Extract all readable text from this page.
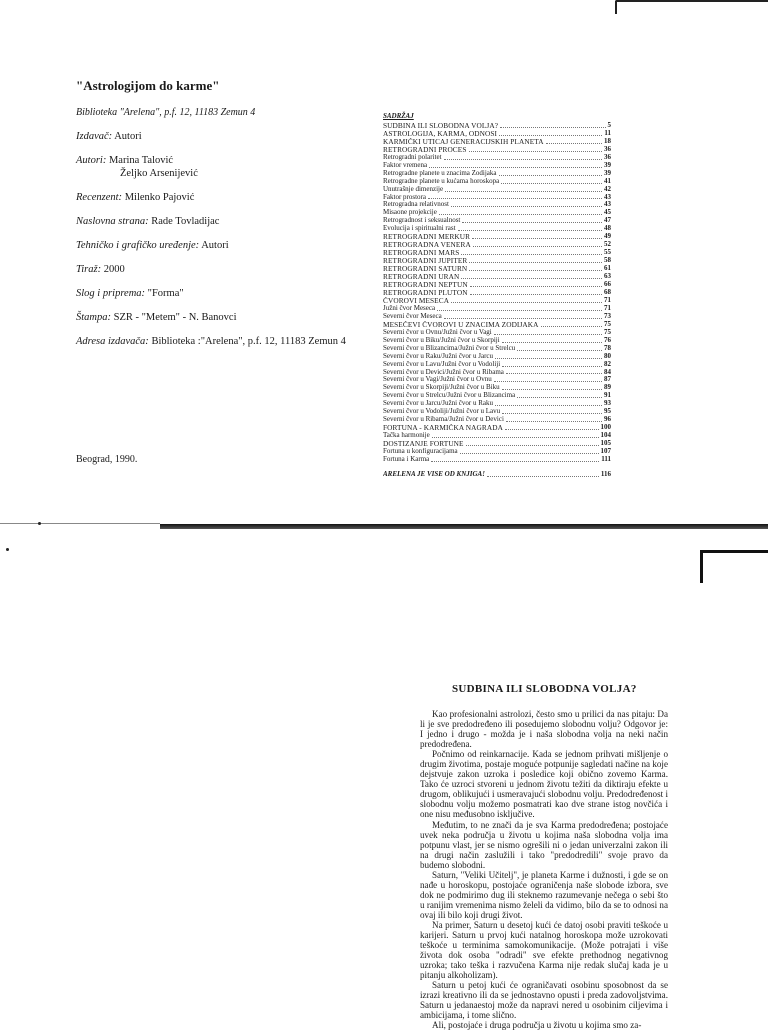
"Astrologijom do karme"
Biblioteka "Arelena", p.f. 12, 11183 Zemun 4
Izdavač: Autori
Autori: Marina Talović
Željko Arsenijević
Recenzent: Milenko Pajović
Naslovna strana: Rade Tovladijac
Tehničko i grafičko uređenje: Autori
Tiraž: 2000
Slog i priprema: "Forma"
Štampa: SZR - "Metem" - N. Banovci
Adresa izdavača: Biblioteka :"Arelena", p.f. 12, 11183 Zemun 4
Beograd, 1990.
SADRŽAJ
SUDBINA ILI SLOBODNA VOLJA?	5
ASTROLOGIJA, KARMA, ODNOSI	11
KARMIČKI UTICAJ GENERACIJSKIH PLANETA	18
RETROGRADNI PROCES	36
Retrogradni polaritet	36
Faktor vremena	39
Retrogradne planete u znacima Zodijaka	39
Retrogradne planete u kućama horoskopa	41
Unutrašnje dimenzije	42
Faktor prostora	43
Retrogradna relativnost	43
Misaone projekcije	45
Retrogradnost i seksualnost	47
Evolucija i spiritualni rast	48
RETROGRADNI MERKUR	49
RETROGRADNA VENERA	52
RETROGRADNI MARS	55
RETROGRADNI JUPITER	58
RETROGRADNI SATURN	61
RETROGRADNI URAN	63
RETROGRADNI NEPTUN	66
RETROGRADNI PLUTON	68
ČVOROVI MESECA	71
Južni čvor Meseca	71
Severni čvor Meseca	73
MESEČEVI ČVOROVI U ZNACIMA ZODIJAKA	75
Severni čvor u Ovnu/Južni čvor u Vagi	75
Severni čvor u Biku/Južni čvor u Škorpiji	76
Severni čvor u Blizancima/Južni čvor u Strelcu	78
Severni čvor u Raku/Južni čvor u Jarcu	80
Severni čvor u Lavu/Južni čvor u Vodoliji	82
Severni čvor u Devici/Južni čvor u Ribama	84
Severni čvor u Vagi/Južni čvor u Ovnu	87
Severni čvor u Škorpiji/Južni čvor u Biku	89
Severni čvor u Strelcu/Južni čvor u Blizancima	91
Severni čvor u Jarcu/Južni čvor u Raku	93
Severni čvor u Vodoliji/Južni čvor u Lavu	95
Severni čvor u Ribama/Južni čvor u Devici	96
FORTUNA - KARMIČKA NAGRADA	100
Tačka harmonije	104
DOSTIZANJE FORTUNE	105
Fortuna u konfiguracijama	107
Fortuna i Karma	111
ARELENA JE VIŠE OD KNJIGA!	116
SUDBINA ILI SLOBODNA VOLJA?

Kao profesionalni astrolozi, često smo u prilici da nas pitaju: Da li je sve predodređeno ili posedujemo slobodnu volju? Odgovor je: I jedno i drugo - možda je i naša slobodna volja na neki način predodređena.

Počnimo od reinkarnacije. Kada se jednom prihvati mišljenje o drugim životima, postaje moguće potpunije sagledati načine na koje dejstvuje zakon uzroka i posledice koji obično zovemo Karma. Tako će uzroci stvoreni u jednom životu težiti da diktiraju efekte u drugom, oblikujući i usmeravajući slobodnu volju. Predodređenost i slobodnu volju možemo posmatrati kao dve strane istog novčića i one nisu međusobno isključive.

Međutim, to ne znači da je sva Karma predodređena; postojaće uvek neka područja u životu u kojima naša slobodna volja ima potpunu vlast, jer se nismo ogrešili ni o jedan univerzalni zakon ili na drugi način zaslužili i tako "predodredili" svoje pravo da budemo slobodni.

Saturn, "Veliki Učitelj", je planeta Karme i dužnosti, i gde se on nađe u horoskopu, postojaće ograničenja naše slobode izbora, sve dok ne podmirimo dug ili steknemo razumevanje nečega o sebi što u ranijim vremenima nismo želeli da vidimo, bilo da se to odnosi na ovaj ili bilo koji drugi život.

Na primer, Saturn u desetoj kući će datoj osobi praviti teškoće u karijeri. Saturn u prvoj kući natalnog horoskopa može uzrokovati teškoće u terminima samokomunikacije. (Može potrajati i više života dok osoba "odradi" sve efekte prethodnog negativnog uzroka; tako teška i razvučena Karma nije redak slučaj kada je u pitanju alkoholizam).

Saturn u petoj kući će ograničavati osobinu sposobnost da se izrazi kreativno ili da se jednostavno opusti i preda zadovoljstvima. Saturn u jedanaestoj može da napravi nered u osobinim ciljevima i ambicijama, i tome slično.

Ali, postojaće i druga područja u životu u kojima smo za-
